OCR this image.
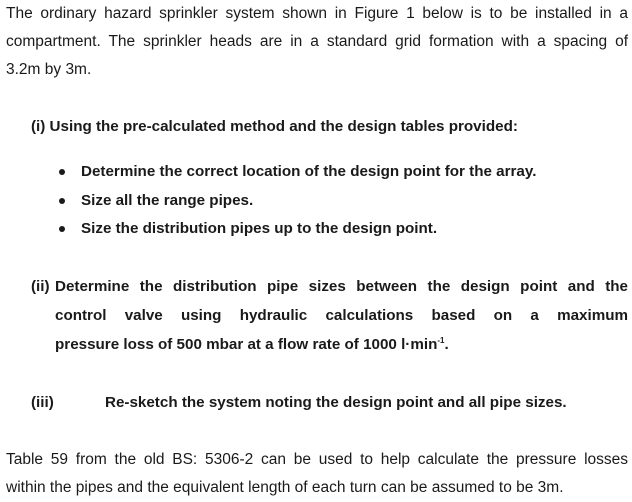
The ordinary hazard sprinkler system shown in Figure 1 below is to be installed in a
compartment. The sprinkler heads are in a standard grid formation with a spacing of
3.2m by 3m.
(i) Using the pre-calculated method and the design tables provided:
Determine the correct location of the design point for the array.
Size all the range pipes.
Size the distribution pipes up to the design point.
(ii) Determine the distribution pipe sizes between the design point and the
control valve using hydraulic calculations based on a maximum
pressure loss of 500 mbar at a flow rate of 1000 $l\cdot\min^{-1}$.
(iii)	Re-sketch the system noting the design point and all pipe sizes.
Table 59 from the old BS: 5306-2 can be used to help calculate the pressure losses
within the pipes and the equivalent length of each turn can be assumed to be 3m.
